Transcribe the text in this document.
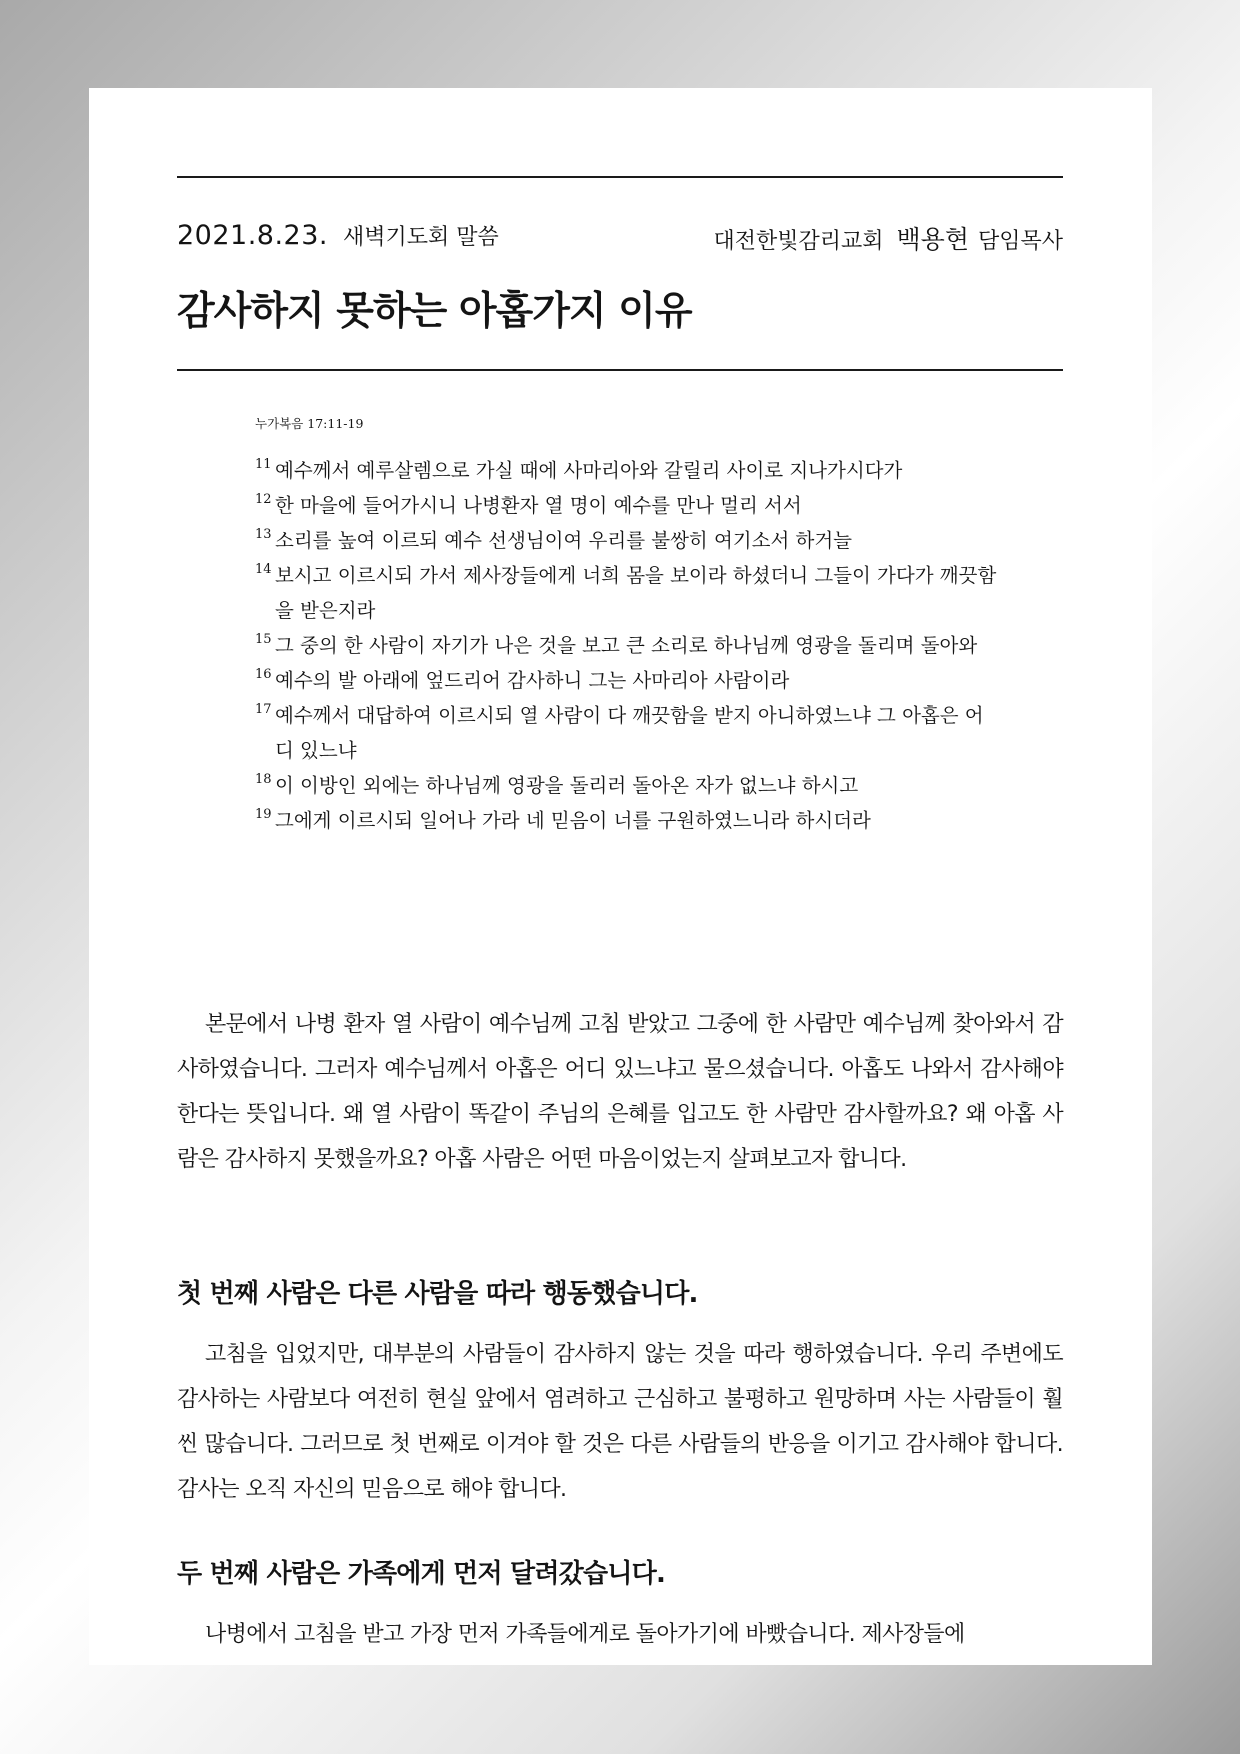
2021.8.23. 새벽기도회 말씀	대전한빛감리교회 백용현 담임목사
감사하지 못하는 아홉가지 이유
누가복음 17:11-19
11 예수께서 예루살렘으로 가실 때에 사마리아와 갈릴리 사이로 지나가시다가
12 한 마을에 들어가시니 나병환자 열 명이 예수를 만나 멀리 서서
13 소리를 높여 이르되 예수 선생님이여 우리를 불쌍히 여기소서 하거늘
14 보시고 이르시되 가서 제사장들에게 너희 몸을 보이라 하셨더니 그들이 가다가 깨끗함을 받은지라
15 그 중의 한 사람이 자기가 나은 것을 보고 큰 소리로 하나님께 영광을 돌리며 돌아와
16 예수의 발 아래에 엎드리어 감사하니 그는 사마리아 사람이라
17 예수께서 대답하여 이르시되 열 사람이 다 깨끗함을 받지 아니하였느냐 그 아홉은 어디 있느냐
18 이 이방인 외에는 하나님께 영광을 돌리러 돌아온 자가 없느냐 하시고
19 그에게 이르시되 일어나 가라 네 믿음이 너를 구원하였느니라 하시더라

본문에서 나병 환자 열 사람이 예수님께 고침 받았고 그중에 한 사람만 예수님께 찾아와서 감사하였습니다. 그러자 예수님께서 아홉은 어디 있느냐고 물으셨습니다. 아홉도 나와서 감사해야 한다는 뜻입니다. 왜 열 사람이 똑같이 주님의 은혜를 입고도 한 사람만 감사할까요? 왜 아홉 사람은 감사하지 못했을까요? 아홉 사람은 어떤 마음이었는지 살펴보고자 합니다.

첫 번째 사람은 다른 사람을 따라 행동했습니다.

고침을 입었지만, 대부분의 사람들이 감사하지 않는 것을 따라 행하였습니다. 우리 주변에도 감사하는 사람보다 여전히 현실 앞에서 염려하고 근심하고 불평하고 원망하며 사는 사람들이 훨씬 많습니다. 그러므로 첫 번째로 이겨야 할 것은 다른 사람들의 반응을 이기고 감사해야 합니다. 감사는 오직 자신의 믿음으로 해야 합니다.

두 번째 사람은 가족에게 먼저 달려갔습니다.

나병에서 고침을 받고 가장 먼저 가족들에게로 돌아가기에 바빴습니다. 제사장들에
